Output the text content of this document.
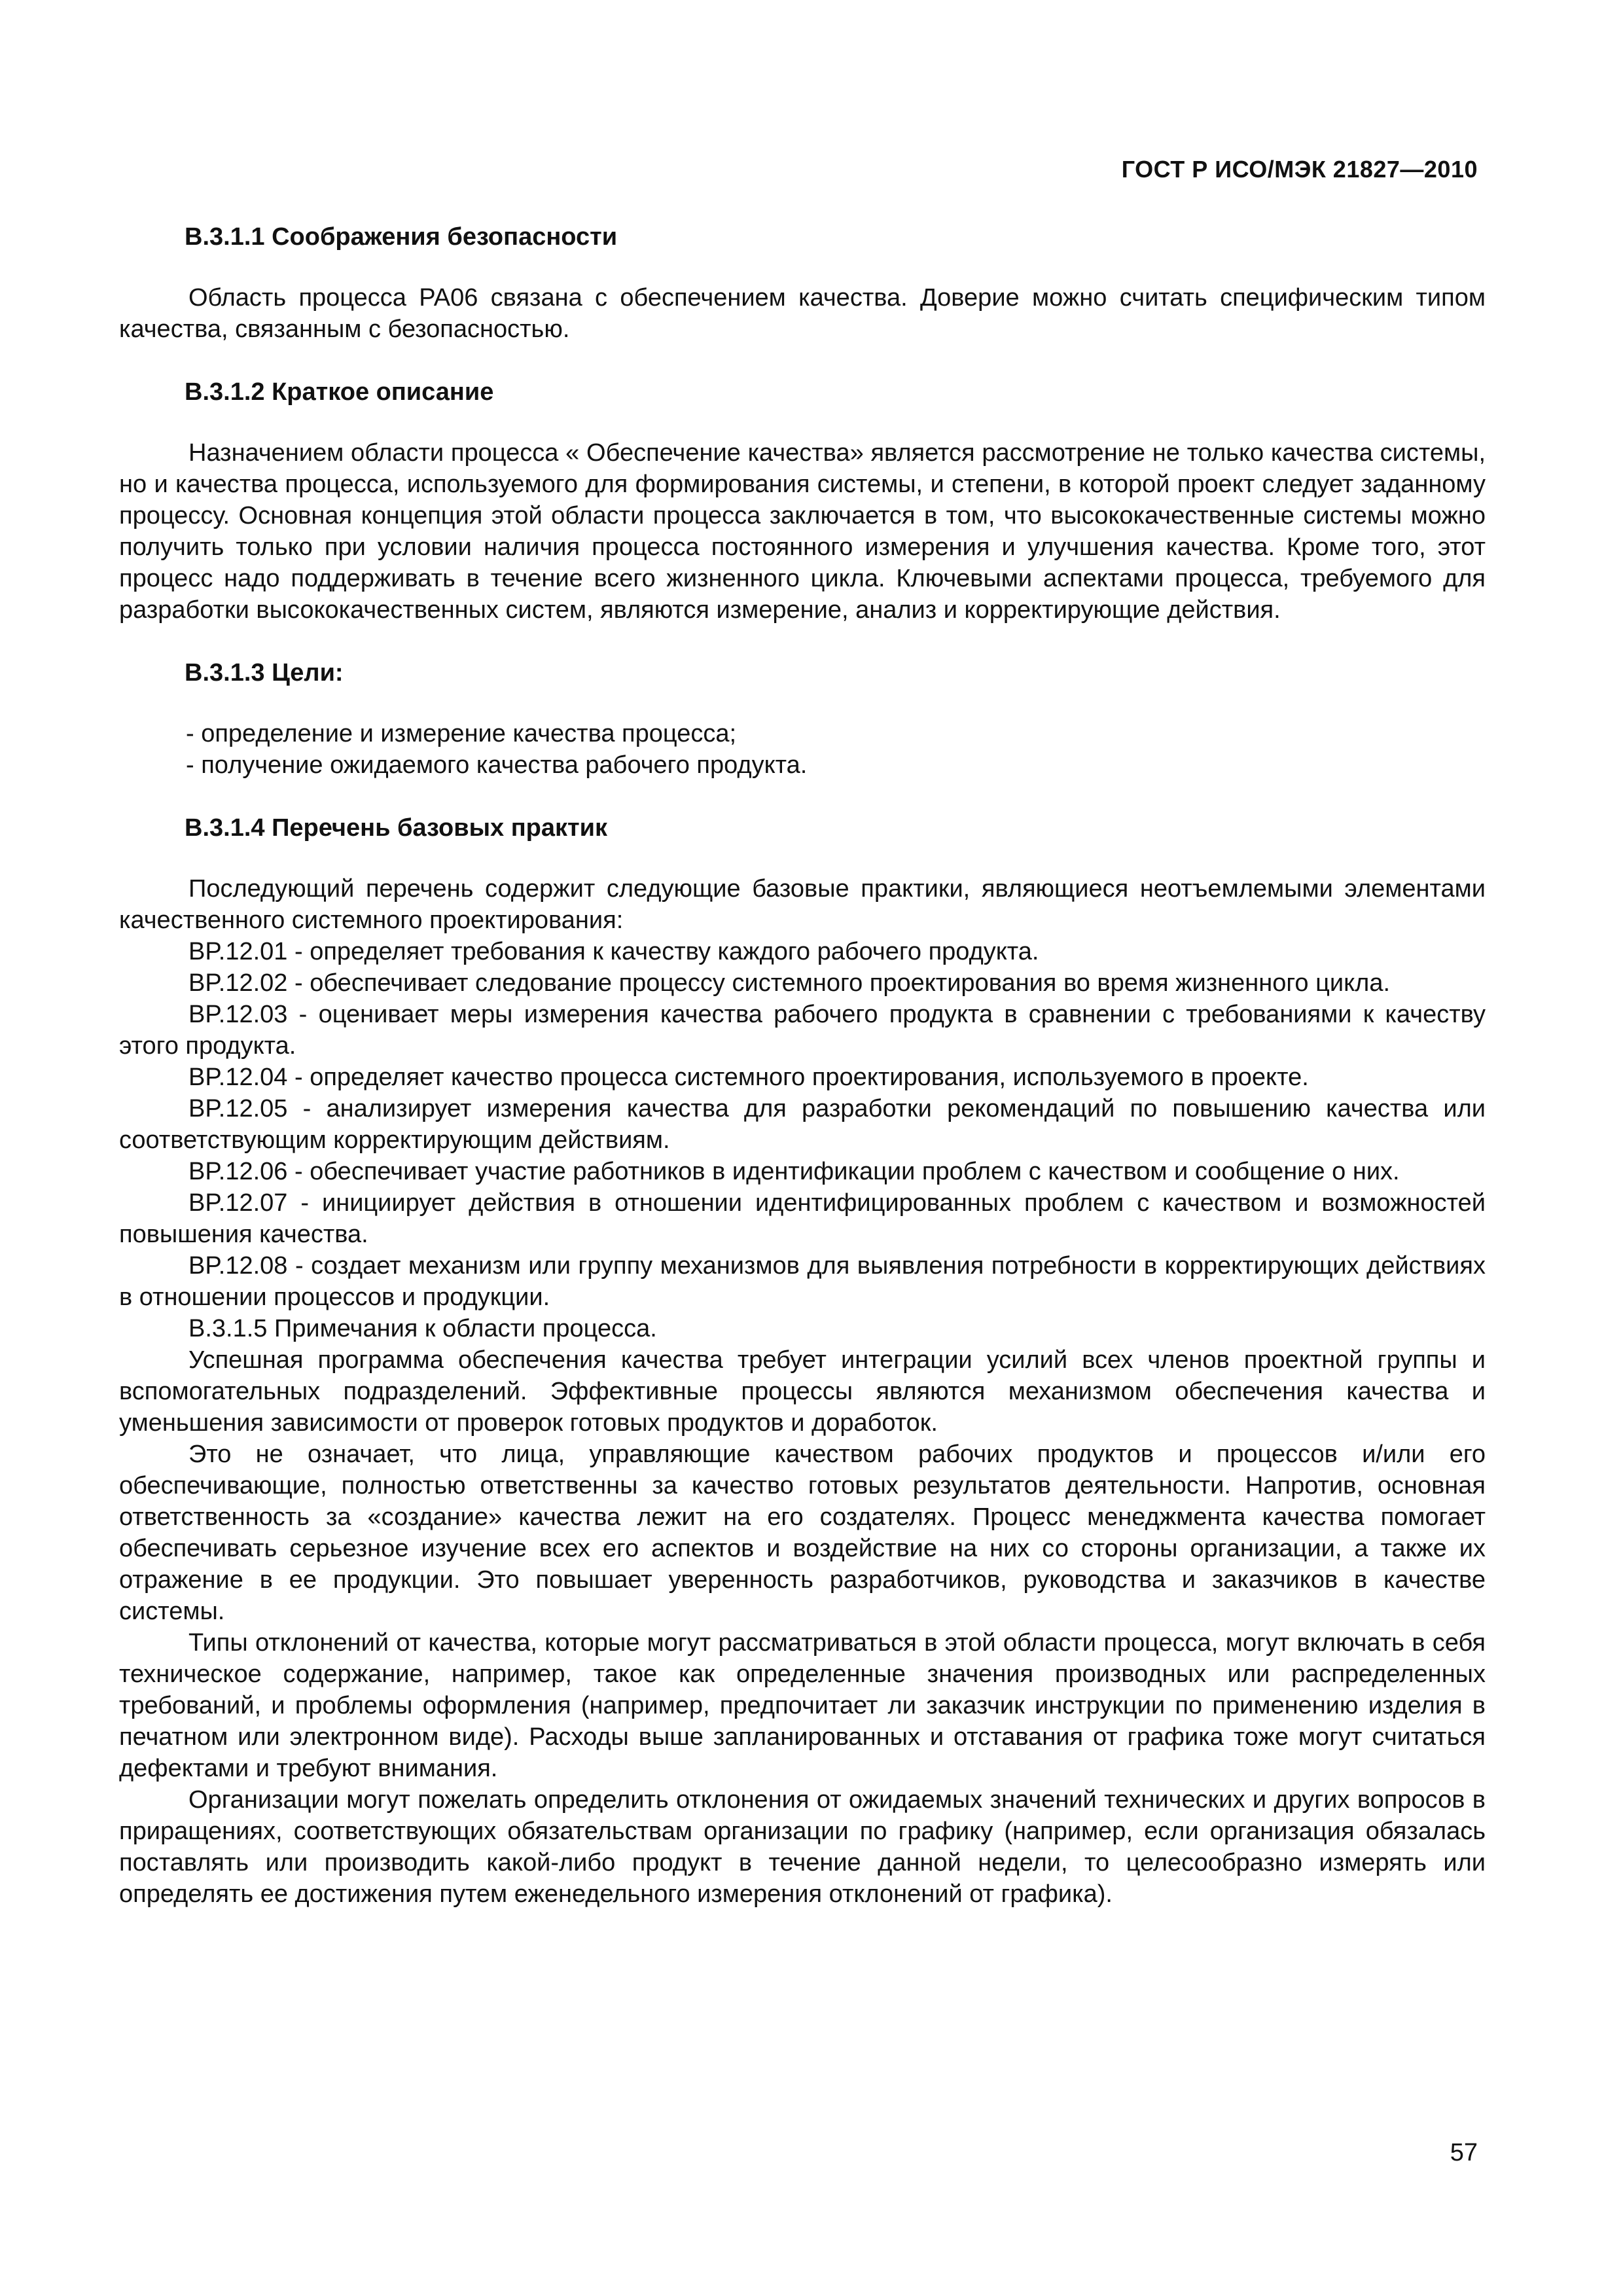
ГОСТ Р ИСО/МЭК 21827—2010
В.3.1.1 Соображения безопасности

Область процесса PA06 связана с обеспечением качества. Доверие можно считать специфическим типом качества, связанным с безопасностью.

В.3.1.2 Краткое описание

Назначением области процесса « Обеспечение качества» является рассмотрение не только качества системы, но и качества процесса, используемого для формирования системы, и степени, в которой проект следует заданному процессу. Основная концепция этой области процесса заключается в том, что высококачественные системы можно получить только при условии наличия процесса постоянного измерения и улучшения качества. Кроме того, этот процесс надо поддерживать в течение всего жизненного цикла. Ключевыми аспектами процесса, требуемого для разработки высококачественных систем, являются измерение, анализ и корректирующие действия.

В.3.1.3 Цели:

- определение и измерение качества процесса;

- получение ожидаемого качества рабочего продукта.

В.3.1.4 Перечень базовых практик

Последующий перечень содержит следующие базовые практики, являющиеся неотъемлемыми элементами качественного системного проектирования:

BP.12.01 - определяет требования к качеству каждого рабочего продукта.

BP.12.02 - обеспечивает следование процессу системного проектирования во время жизненного цикла.

BP.12.03 - оценивает меры измерения качества рабочего продукта в сравнении с требованиями к качеству этого продукта.

BP.12.04 - определяет качество процесса системного проектирования, используемого в проекте.

BP.12.05 - анализирует измерения качества для разработки рекомендаций по повышению качества или соответствующим корректирующим действиям.

BP.12.06 - обеспечивает участие работников в идентификации проблем с качеством и сообщение о них.

BP.12.07 - инициирует действия в отношении идентифицированных проблем с качеством и возможностей повышения качества.

BP.12.08 - создает механизм или группу механизмов для выявления потребности в корректирующих действиях в отношении процессов и продукции.

В.3.1.5 Примечания к области процесса.

Успешная программа обеспечения качества требует интеграции усилий всех членов проектной группы и вспомогательных подразделений. Эффективные процессы являются механизмом обеспечения качества и уменьшения зависимости от проверок готовых продуктов и доработок.

Это не означает, что лица, управляющие качеством рабочих продуктов и процессов и/или его обеспечивающие, полностью ответственны за качество готовых результатов деятельности. Напротив, основная ответственность за «создание» качества лежит на его создателях. Процесс менеджмента качества помогает обеспечивать серьезное изучение всех его аспектов и воздействие на них со стороны организации, а также их отражение в ее продукции. Это повышает уверенность разработчиков, руководства и заказчиков в качестве системы.

Типы отклонений от качества, которые могут рассматриваться в этой области процесса, могут включать в себя техническое содержание, например, такое как определенные значения производных или распределенных требований, и проблемы оформления (например, предпочитает ли заказчик инструкции по применению изделия в печатном или электронном виде). Расходы выше запланированных и отставания от графика тоже могут считаться дефектами и требуют внимания.

Организации могут пожелать определить отклонения от ожидаемых значений технических и других вопросов в приращениях, соответствующих обязательствам организации по графику (например, если организация обязалась поставлять или производить какой-либо продукт в течение данной недели, то целесообразно измерять или определять ее достижения путем еженедельного измерения отклонений от графика).

57
